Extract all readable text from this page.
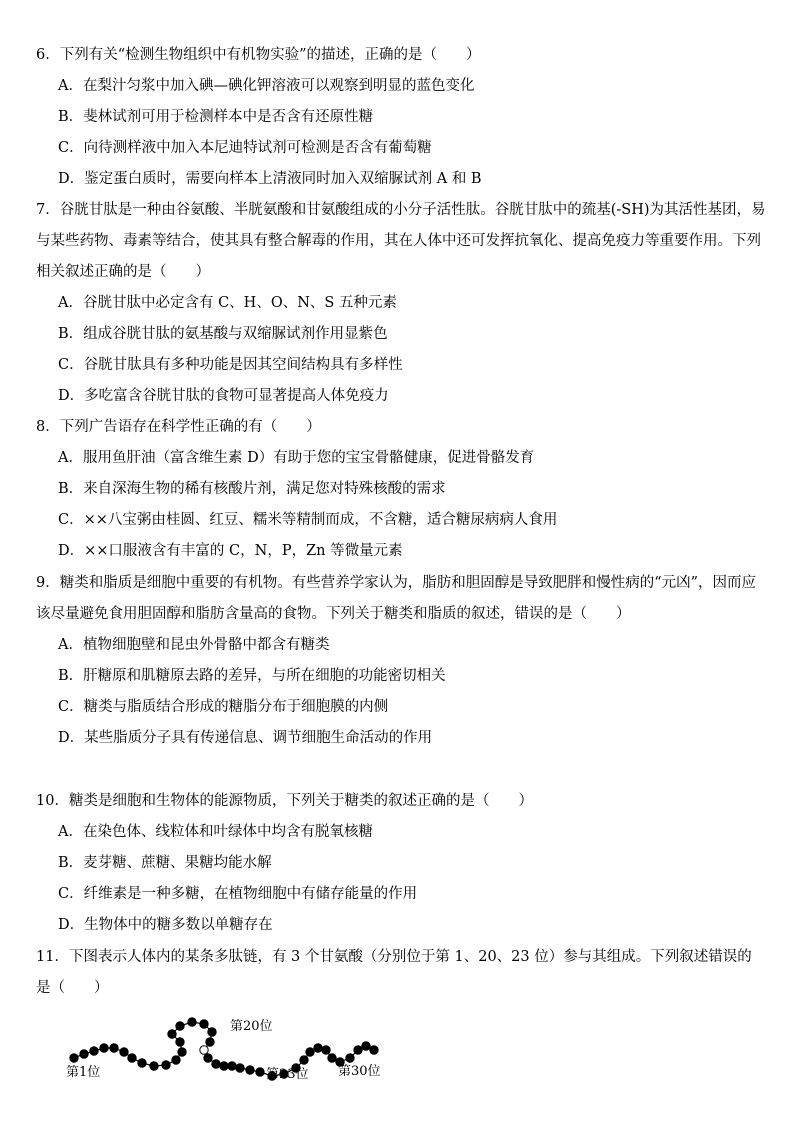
6．下列有关“检测生物组织中有机物实验”的描述，正确的是（　　）

A．在梨汁匀浆中加入碘—碘化钾溶液可以观察到明显的蓝色变化

B．斐林试剂可用于检测样本中是否含有还原性糖

C．向待测样液中加入本尼迪特试剂可检测是否含有葡萄糖

D．鉴定蛋白质时，需要向样本上清液同时加入双缩脲试剂 A 和 B

7．谷胱甘肽是一种由谷氨酸、半胱氨酸和甘氨酸组成的小分子活性肽。谷胱甘肽中的巯基(-SH)为其活性基团，易与某些药物、毒素等结合，使其具有整合解毒的作用，其在人体中还可发挥抗氧化、提高免疫力等重要作用。下列相关叙述正确的是（　　）

A．谷胱甘肽中必定含有 C、H、O、N、S 五种元素

B．组成谷胱甘肽的氨基酸与双缩脲试剂作用显紫色

C．谷胱甘肽具有多种功能是因其空间结构具有多样性

D．多吃富含谷胱甘肽的食物可显著提高人体免疫力

8．下列广告语存在科学性正确的有（　　）

A．服用鱼肝油（富含维生素 D）有助于您的宝宝骨骼健康，促进骨骼发育

B．来自深海生物的稀有核酸片剂，满足您对特殊核酸的需求

C．××八宝粥由桂圆、红豆、糯米等精制而成，不含糖，适合糖尿病病人食用

D．××口服液含有丰富的 C，N，P，Zn 等微量元素

9．糖类和脂质是细胞中重要的有机物。有些营养学家认为，脂肪和胆固醇是导致肥胖和慢性病的“元凶”，因而应该尽量避免食用胆固醇和脂肪含量高的食物。下列关于糖类和脂质的叙述，错误的是（　　）

A．植物细胞壁和昆虫外骨骼中都含有糖类

B．肝糖原和肌糖原去路的差异，与所在细胞的功能密切相关

C．糖类与脂质结合形成的糖脂分布于细胞膜的内侧

D．某些脂质分子具有传递信息、调节细胞生命活动的作用

10．糖类是细胞和生物体的能源物质，下列关于糖类的叙述正确的是（　　）

A．在染色体、线粒体和叶绿体中均含有脱氧核糖

B．麦芽糖、蔗糖、果糖均能水解

C．纤维素是一种多糖，在植物细胞中有储存能量的作用

D．生物体中的糖多数以单糖存在

11．下图表示人体内的某条多肽链，有 3 个甘氨酸（分别位于第 1、20、23 位）参与其组成。下列叙述错误的是（　　）

第1位
第20位
第23位 第30位
